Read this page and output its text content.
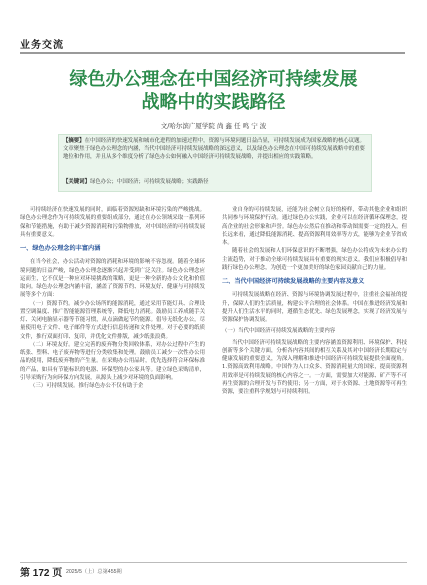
业务交流
绿色办公理念在中国经济可持续发展
战略中的实践路径
文/哈尔滨广厦学院 尚 鑫 任 鸣 宁 波
【摘要】在中国经济的快速发展和城市化进程的加速过程中，资源与环境问题日益凸显，可持续发展成为国家战略的核心议题。文章聚焦于绿色办公理念的内涵，当代中国经济可持续发展战略的深远意义，以及绿色办公理念在中国可持续发展战略中的重要地位和作用，并且从多个维度分析了绿色办公如何融入中国经济可持续发展战略，并提出相应的实践策略。
【关键词】绿色办公；中国经济；可持续发展战略；实践路径

可持续经济在快速发展的同时，面临着资源短缺和环境污染的严峻挑战。绿色办公理念作为可持续发展的重要组成部分，通过在办公领域采取一系列环保和节能措施，有助于减少资源消耗和污染物排放，对中国经济的可持续发展具有重要意义。

一、绿色办公理念的丰富内涵

在当今社会，办公活动对资源的消耗和环境的影响不容忽视。随着全球环境问题的日益严峻，绿色办公理念逐渐兴起并受到广泛关注。绿色办公理念应运而生，它不仅是一种应对环境挑战的策略，更是一种全新的办公文化和价值取向。绿色办公理念内涵丰富，涵盖了资源节约、环境友好、健康与可持续发展等多个方面：

（一）资源节约。减少办公场所的能源消耗，通过采用节能灯具、合理设置空调温度、推广智能能源管理系统等，降低电力消耗。鼓励员工养成随手关灯、关闭电脑显示器等节能习惯，从点滴做起节约能源。倡导无纸化办公，尽量使用电子文件、电子邮件等方式进行信息传递和文件处理。对于必要的纸质文件，推行双面打印、复印，并优化文件排版，减少纸张浪费。

（二）环境友好。建立完善的废弃物分类回收体系，对办公过程中产生的纸张、塑料、电子废弃物等进行分类收集和处理。鼓励员工减少一次性办公用品的使用，降低废弃物的产生量。在采购办公用品时，优先选择符合环保标准的产品，如具有节能标识的电器、环保型的办公家具等。建立绿色采购清单，引导采购行为向环保方向发展，从源头上减少对环境的负面影响。

（三）可持续发展。推行绿色办公不仅有助于企

业自身的可持续发展，还能为社会树立良好的榜样，带动其他企业和组织共同参与环境保护行动。通过绿色办公实践，企业可以在经济循环保理念，提高企业的社会形象和声誉。绿色办公然后在推动和带动图需要一定的投入，但长远来看，通过降低能源消耗、提高资源利用效率等方式，能够为企业节省成本。

随着社会的发展和人们环保意识的不断增强，绿色办公将成为未来办公的主流趋势，对于推动全球可持续发展具有重要的现实意义。我们应积极倡导和践行绿色办公理念，为创造一个更加美好的绿色家园贡献自己的力量。

二、当代中国经济可持续发展战略的主要内容及意义

可持续发展战略在经济、资源与环境协调发展过程中，注重社会福祉的提升，保障人们的生活质量，构建公平合理的社会体系。中国在推进经济发展和提升人们生活水平的同时，遵循生态优先、绿色发展理念，实现了经济发展与资源保护协调发展。

（一）当代中国经济可持续发展战略的主要内容

当代中国经济可持续发展战略的主要内容涵盖资源利用、环境保护、科技创新等多个关键方面，分析各内容其间的相互关系及其对中国经济长期稳定与健康发展的重要意义，为深入理解和推进中国经济可持续发展提供全面视角。1.资源高效利用战略。中国作为人口众多、资源消耗量大的国家，提高资源利用效率是可持续发展的核心内容之一。一方面，需要加大对能源、矿产等不可再生资源的合理开发与节约使用；另一方面，对于水资源、土地资源等可再生资源，要注重科学规划与可持续利用。

第 172 页 2025/5（上）总第455期
